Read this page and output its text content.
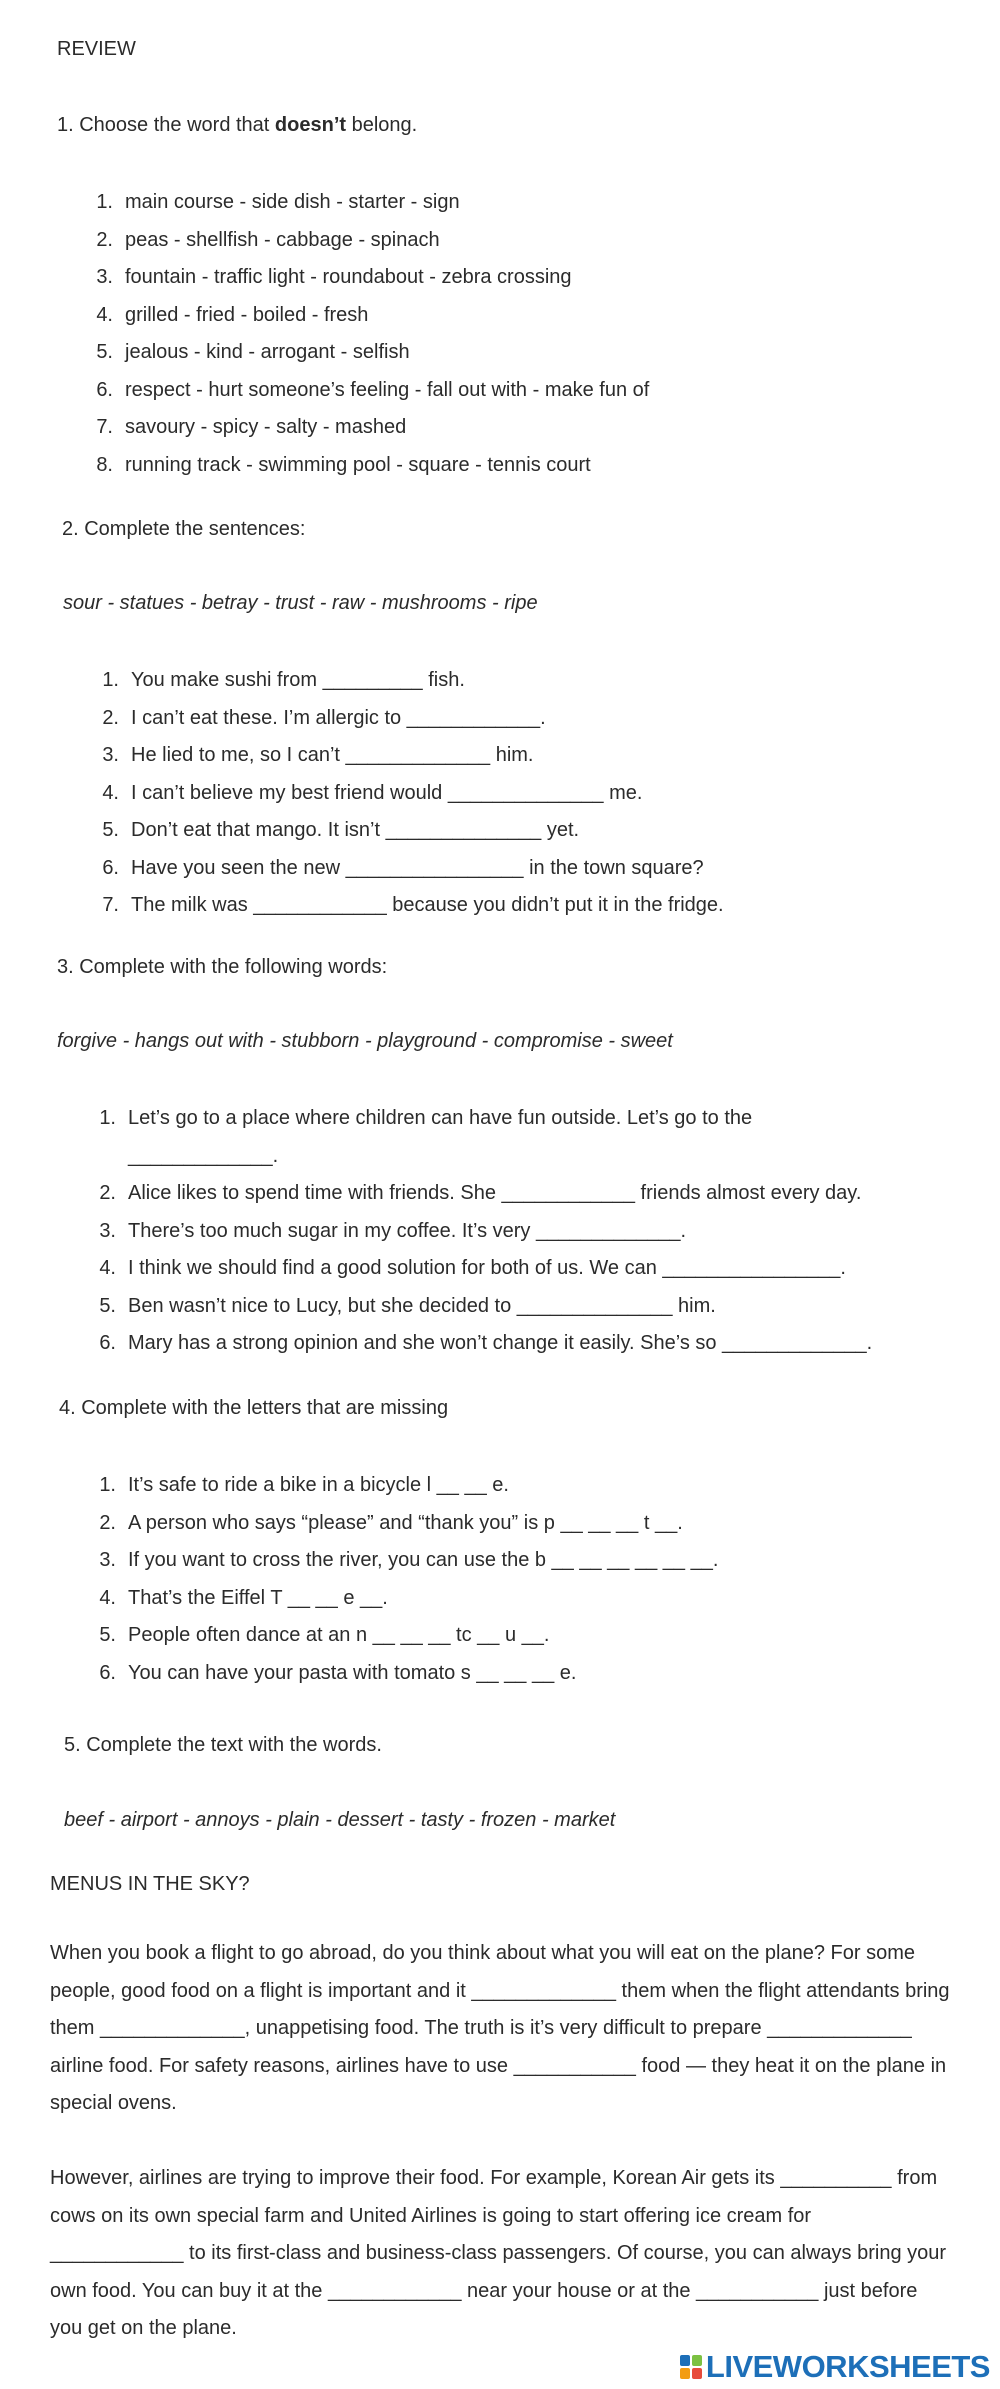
REVIEW
1. Choose the word that doesn’t belong.
1. main course - side dish - starter - sign
2. peas - shellfish - cabbage - spinach
3. fountain - traffic light - roundabout - zebra crossing
4. grilled - fried - boiled - fresh
5. jealous - kind - arrogant - selfish
6. respect - hurt someone’s feeling - fall out with - make fun of
7. savoury - spicy - salty - mashed
8. running track - swimming pool - square - tennis court
2. Complete the sentences:
sour - statues - betray - trust - raw - mushrooms - ripe
1. You make sushi from _________ fish.
2. I can’t eat these. I’m allergic to ____________.
3. He lied to me, so I can’t _____________ him.
4. I can’t believe my best friend would ______________ me.
5. Don’t eat that mango. It isn’t ______________ yet.
6. Have you seen the new ________________ in the town square?
7. The milk was ____________ because you didn’t put it in the fridge.
3. Complete with the following words:
forgive - hangs out with - stubborn - playground - compromise - sweet
1. Let’s go to a place where children can have fun outside. Let’s go to the
_____________.
2. Alice likes to spend time with friends. She ____________ friends almost every day.
3. There’s too much sugar in my coffee. It’s very _____________.
4. I think we should find a good solution for both of us. We can ________________.
5. Ben wasn’t nice to Lucy, but she decided to ______________ him.
6. Mary has a strong opinion and she won’t change it easily. She’s so _____________.
4. Complete with the letters that are missing
1. It’s safe to ride a bike in a bicycle l __ __ e.
2. A person who says “please” and “thank you” is p __ __ __ t __.
3. If you want to cross the river, you can use the b __ __ __ __ __ __.
4. That’s the Eiffel T __ __ e __.
5. People often dance at an n __ __ __ tc __ u __.
6. You can have your pasta with tomato s __ __ __ e.
5. Complete the text with the words.
beef - airport - annoys - plain - dessert - tasty - frozen - market
MENUS IN THE SKY?

When you book a flight to go abroad, do you think about what you will eat on the plane? For some people, good food on a flight is important and it _____________ them when the flight attendants bring them _____________, unappetising food. The truth is it’s very difficult to prepare _____________ airline food. For safety reasons, airlines have to use ___________ food — they heat it on the plane in special ovens.

However, airlines are trying to improve their food. For example, Korean Air gets its __________ from cows on its own special farm and United Airlines is going to start offering ice cream for ____________ to its first-class and business-class passengers. Of course, you can always bring your own food. You can buy it at the ____________ near your house or at the ___________ just before you get on the plane.

LIVEWORKSHEETS
